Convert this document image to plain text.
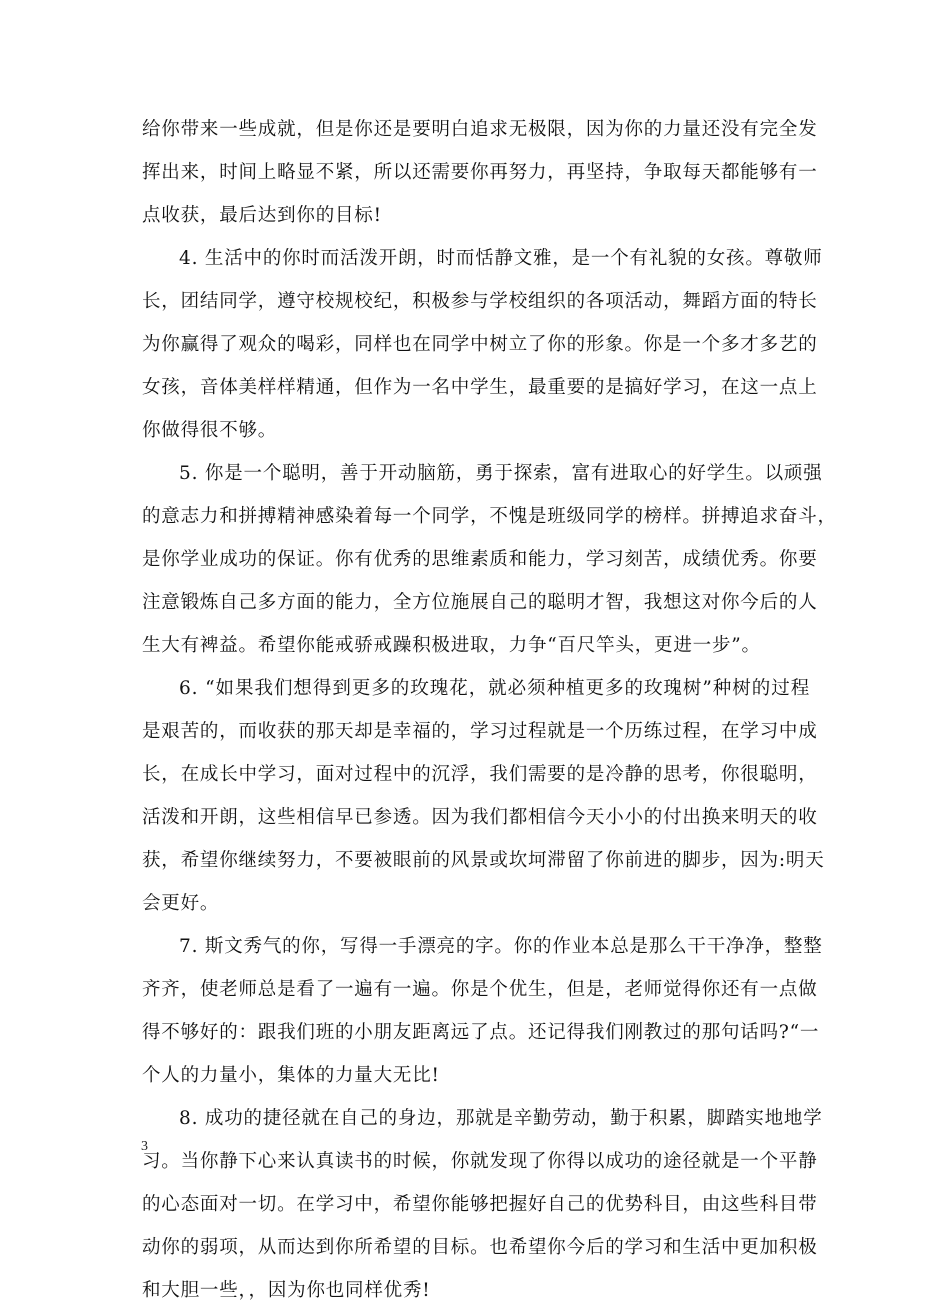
给你带来一些成就，但是你还是要明白追求无极限，因为你的力量还没有完全发
挥出来，时间上略显不紧，所以还需要你再努力，再坚持，争取每天都能够有一
点收获，最后达到你的目标!
4. 生活中的你时而活泼开朗，时而恬静文雅，是一个有礼貌的女孩。尊敬师
长，团结同学，遵守校规校纪，积极参与学校组织的各项活动，舞蹈方面的特长
为你赢得了观众的喝彩，同样也在同学中树立了你的形象。你是一个多才多艺的
女孩，音体美样样精通，但作为一名中学生，最重要的是搞好学习，在这一点上
你做得很不够。
5. 你是一个聪明，善于开动脑筋，勇于探索，富有进取心的好学生。以顽强
的意志力和拼搏精神感染着每一个同学，不愧是班级同学的榜样。拼搏追求奋斗，
是你学业成功的保证。你有优秀的思维素质和能力，学习刻苦，成绩优秀。你要
注意锻炼自己多方面的能力，全方位施展自己的聪明才智，我想这对你今后的人
生大有裨益。希望你能戒骄戒躁积极进取，力争“百尺竿头，更进一步”。
6. “如果我们想得到更多的玫瑰花，就必须种植更多的玫瑰树”种树的过程
是艰苦的，而收获的那天却是幸福的，学习过程就是一个历练过程，在学习中成
长，在成长中学习，面对过程中的沉浮，我们需要的是冷静的思考，你很聪明，
活泼和开朗，这些相信早已参透。因为我们都相信今天小小的付出换来明天的收
获，希望你继续努力，不要被眼前的风景或坎坷滞留了你前进的脚步，因为:明天
会更好。
7. 斯文秀气的你，写得一手漂亮的字。你的作业本总是那么干干净净，整整
齐齐，使老师总是看了一遍有一遍。你是个优生，但是，老师觉得你还有一点做
得不够好的：跟我们班的小朋友距离远了点。还记得我们刚教过的那句话吗?“一
个人的力量小，集体的力量大无比!
8. 成功的捷径就在自己的身边，那就是辛勤劳动，勤于积累，脚踏实地地学
习。当你静下心来认真读书的时候，你就发现了你得以成功的途径就是一个平静
的心态面对一切。在学习中，希望你能够把握好自己的优势科目，由这些科目带
动你的弱项，从而达到你所希望的目标。也希望你今后的学习和生活中更加积极
和大胆一些，，因为你也同样优秀!
3
